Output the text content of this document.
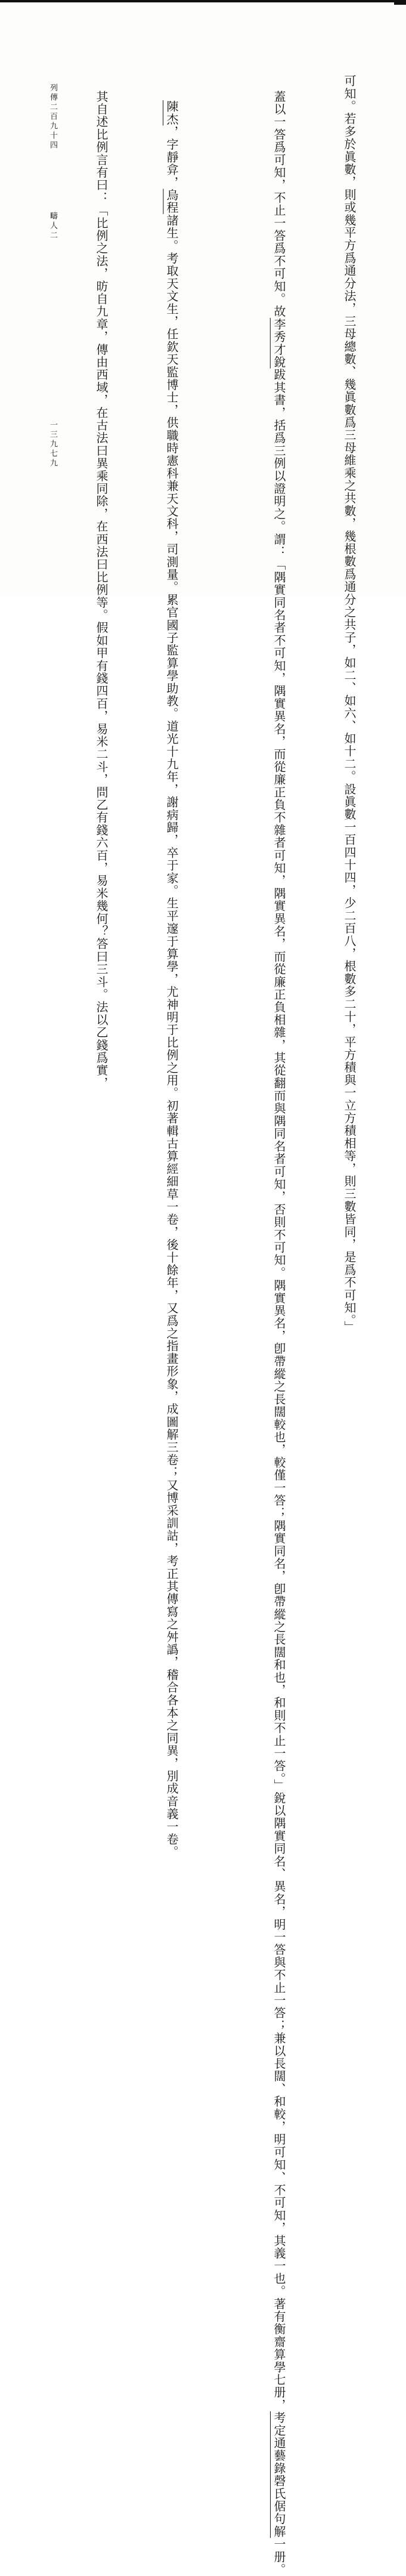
可知。若多於眞數，則或幾平方爲通分法，三母總數、幾眞數爲三母維乘之共數，幾根數爲通分之共子，如二、如六、如十二。設眞數一百四十四，少二百八，根數多二十，平方積與一立方積相等，則三數皆同，是爲不可知。」
　蓋以一答爲可知，不止一答爲不可知。故李秀才銳跋其書，括爲三例以證明之。謂：「隅實同名者不可知，隅實異名，而從廉正負不雜者可知，隅實異名，而從廉正負相雜，其從翻而與隅同名者可知，否則不可知。隅實異名，卽帶縱之長闊較也，較僅一答；隅實同名，卽帶縱之長闊和也，和則不止一答。」銳以隅實同名、異名，明一答與不止一答；兼以長闊、和較，明可知、不可知，其義一也。著有衡齋算學七册，考定通藝錄磬氏倨句解一册。
陳杰，字靜弇，烏程諸生。考取天文生，任欽天監博士，供職時憲科兼天文科，司測量。累官國子監算學助教。道光十九年，謝病歸，卒于家。生平邃于算學，尤神明于比例之用。初著輯古算經細草一卷，後十餘年，又爲之指畫形象，成圖解三卷；又博采訓詁，考正其傳寫之舛譌，稽合各本之同異，別成音義一卷。
　其自述比例言有曰：「比例之法，昉自九章，傳由西域，在古法曰異乘同除，在西法曰比例等。假如甲有錢四百，易米二斗，問乙有錢六百，易米幾何？答曰三斗。法以乙錢爲實，
列傳二百九十四
疇人二
一三九七九
